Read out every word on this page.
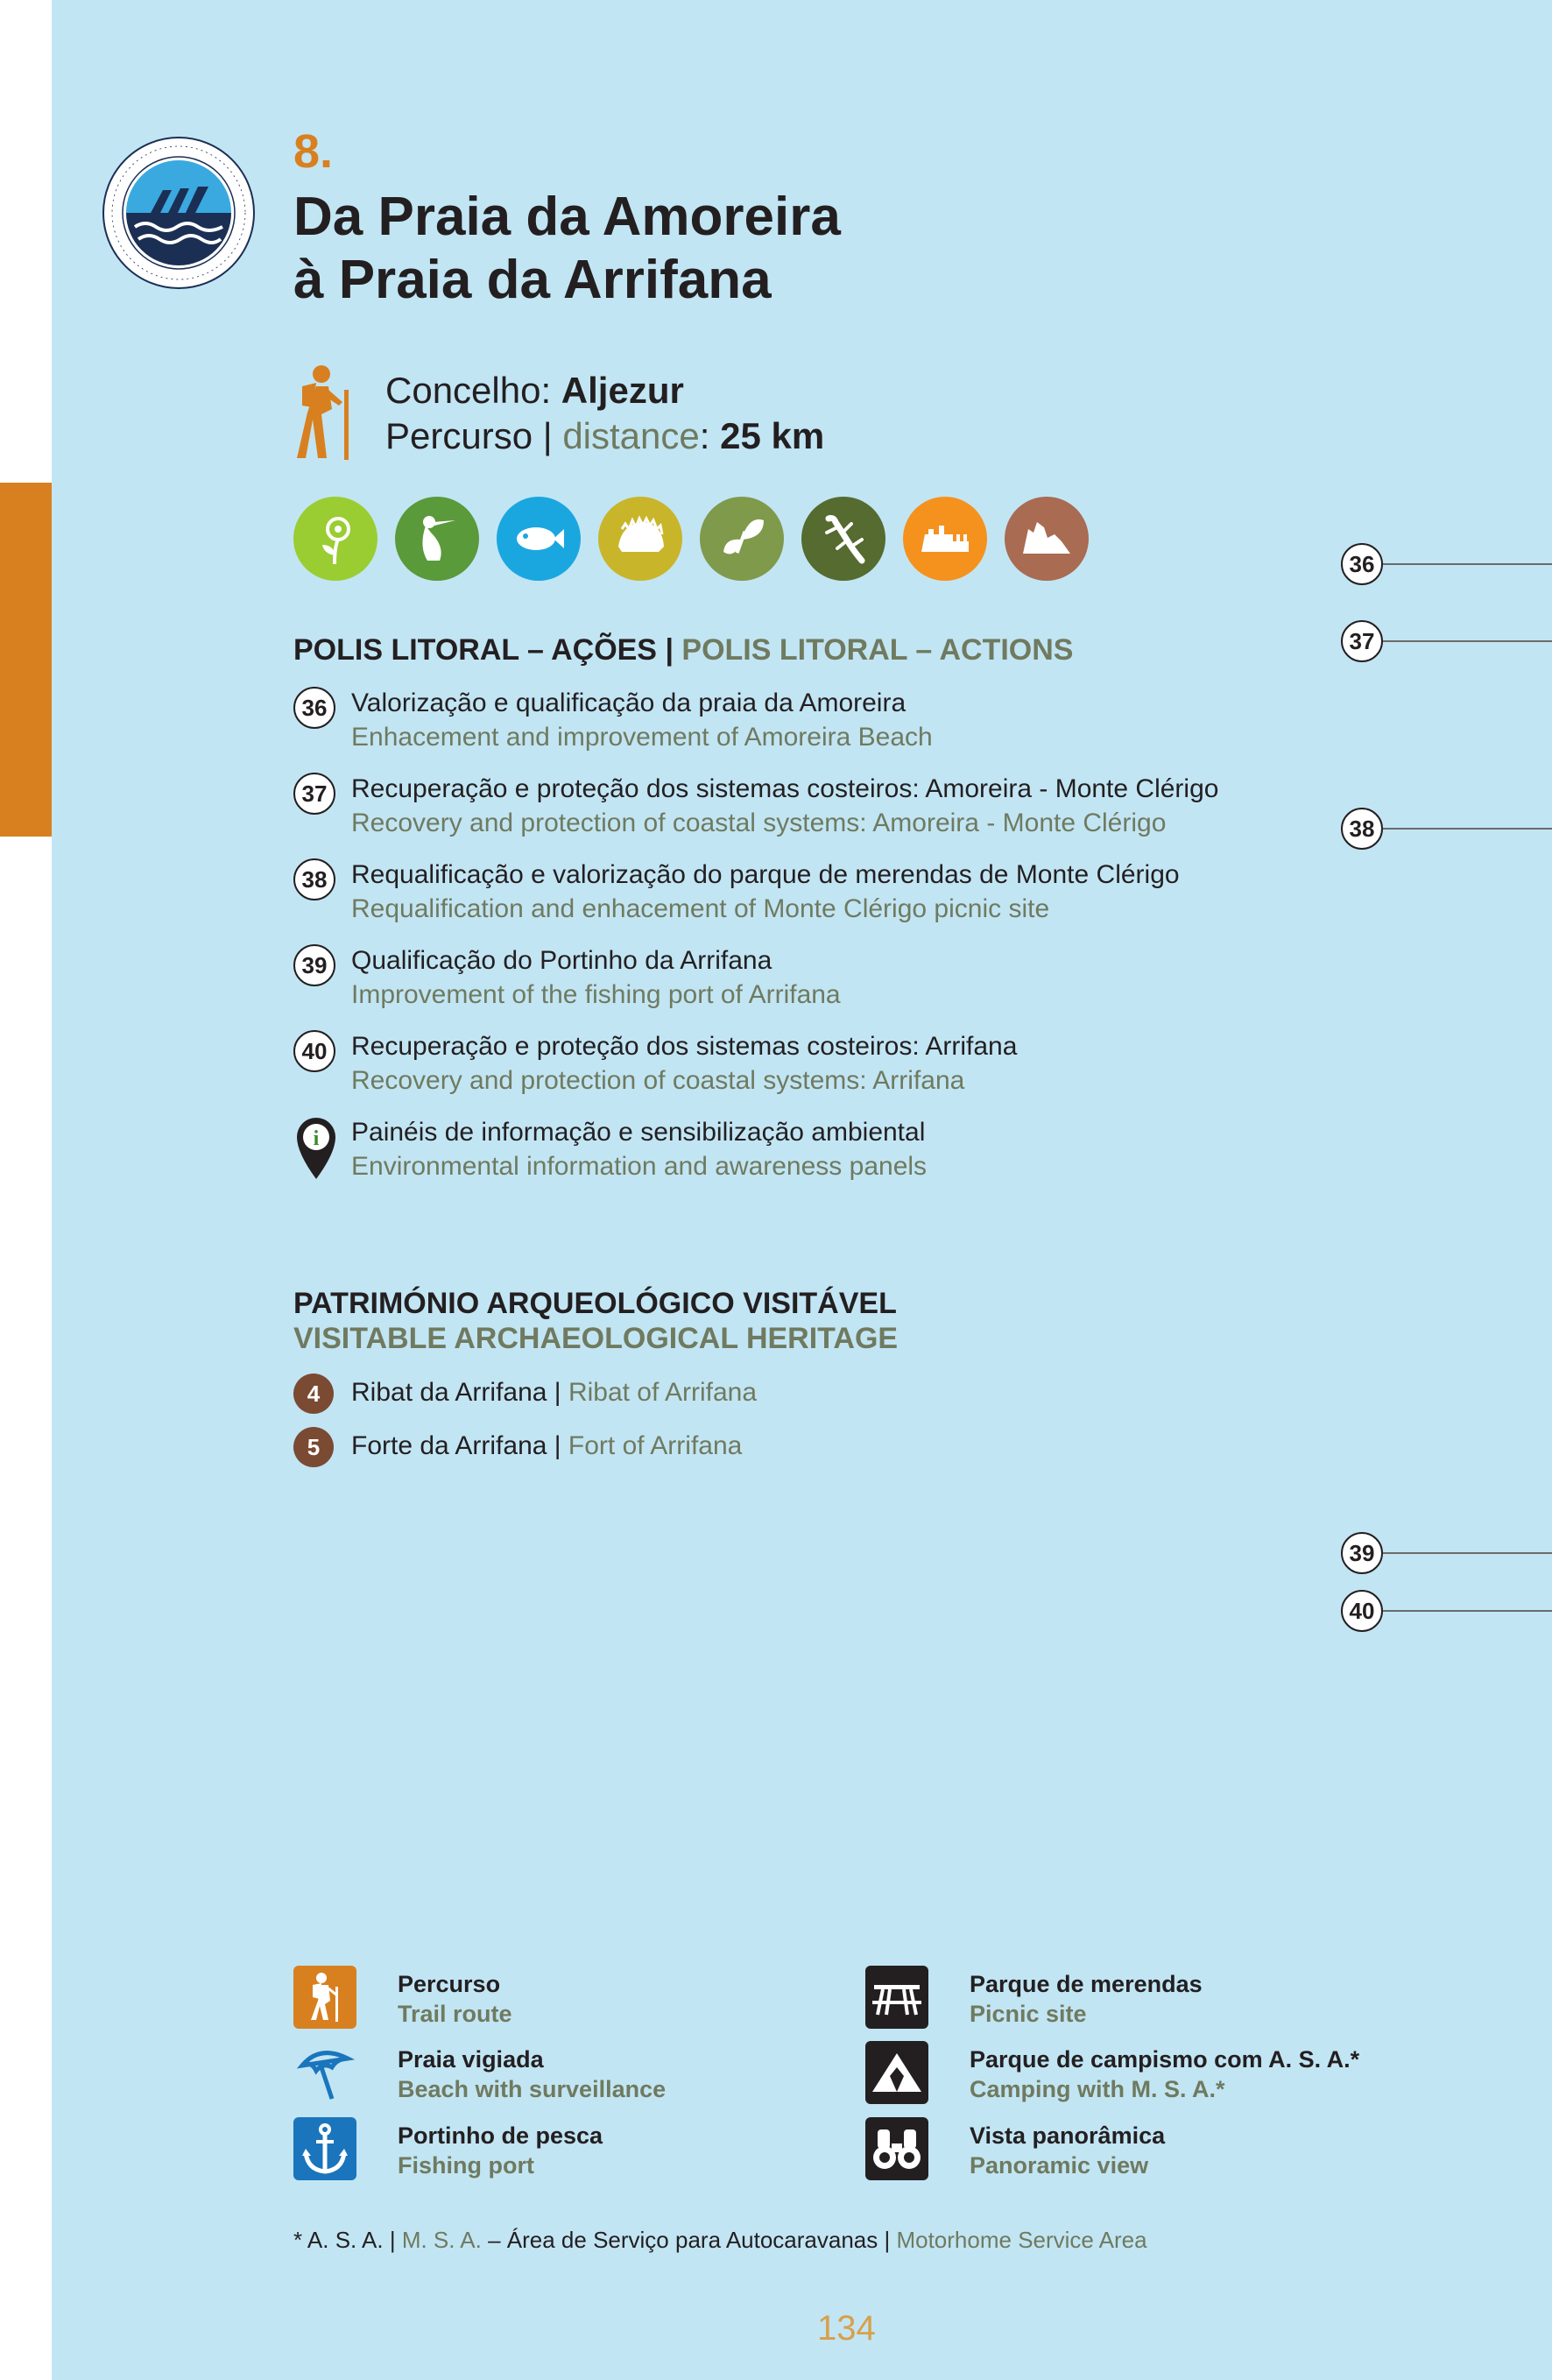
8.
Da Praia da Amoreira
à Praia da Arrifana
Concelho: Aljezur
Percurso | distance: 25 km
POLIS LITORAL – AÇÕES | POLIS LITORAL – ACTIONS
36 Valorização e qualificação da praia da Amoreira
Enhacement and improvement of Amoreira Beach
37 Recuperação e proteção dos sistemas costeiros: Amoreira - Monte Clérigo
Recovery and protection of coastal systems: Amoreira - Monte Clérigo
38 Requalificação e valorização do parque de merendas de Monte Clérigo
Requalification and enhacement of Monte Clérigo picnic site
39 Qualificação do Portinho da Arrifana
Improvement of the fishing port of Arrifana
40 Recuperação e proteção dos sistemas costeiros: Arrifana
Recovery and protection of coastal systems: Arrifana
i Painéis de informação e sensibilização ambiental
Environmental information and awareness panels
PATRIMÓNIO ARQUEOLÓGICO VISITÁVEL
VISITABLE ARCHAEOLOGICAL HERITAGE
4	Ribat da Arrifana | Ribat of Arrifana
5	Forte da Arrifana | Fort of Arrifana
36
37
38
39
40
Percurso
Trail route
Praia vigiada
Beach with surveillance
Portinho de pesca
Fishing port
Parque de merendas
Picnic site
Parque de campismo com A. S. A.*
Camping with M. S. A.*
Vista panorâmica
Panoramic view
* A. S. A. | M. S. A. – Área de Serviço para Autocaravanas | Motorhome Service Area
134
